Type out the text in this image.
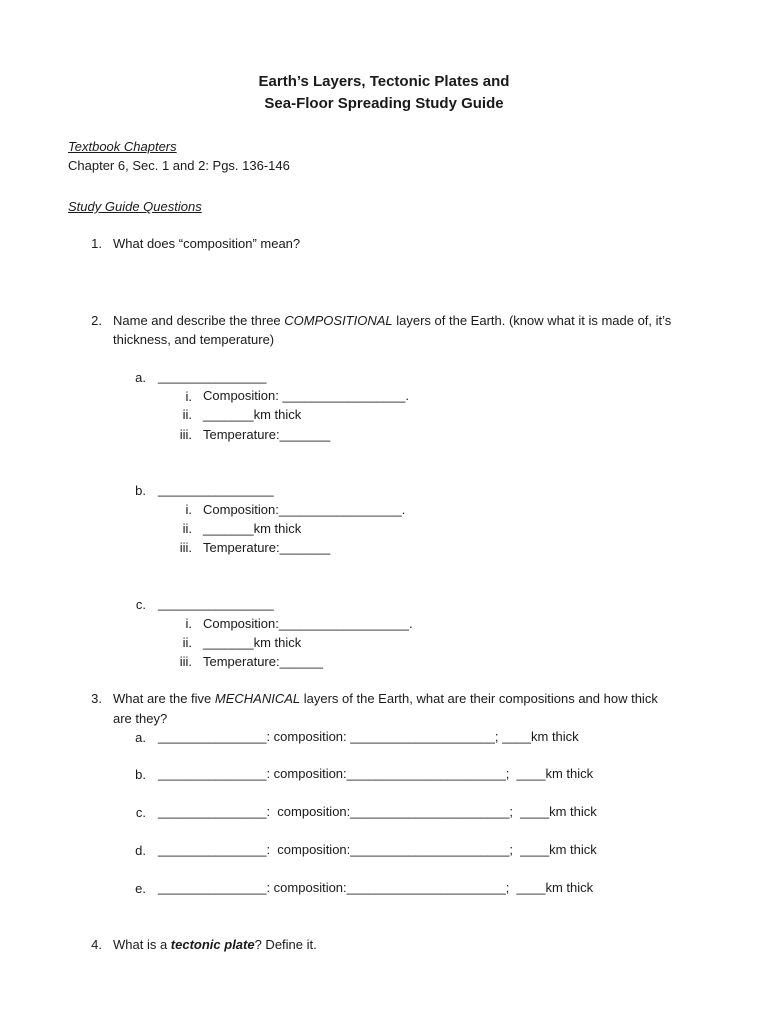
Earth’s Layers, Tectonic Plates and
Sea-Floor Spreading Study Guide
Textbook Chapters
Chapter 6, Sec. 1 and 2: Pgs. 136-146
Study Guide Questions
1. What does “composition” mean?
2. Name and describe the three COMPOSITIONAL layers of the Earth. (know what it is made of, it’s
thickness, and temperature)
a. _______________
i. Composition: _________________.
ii. _______km thick
iii. Temperature:_______
b. ________________
i. Composition:_________________.
ii. _______km thick
iii. Temperature:_______
c. ________________
i. Composition:__________________.
ii. _______km thick
iii. Temperature:______
3. What are the five MECHANICAL layers of the Earth, what are their compositions and how thick
are they?
a. _______________: composition: ____________________; ____km thick
b. _______________: composition:______________________;  ____km thick
c. _______________:  composition:______________________;  ____km thick
d. _______________:  composition:______________________;  ____km thick
e. _______________: composition:______________________;  ____km thick
4. What is a tectonic plate? Define it.
